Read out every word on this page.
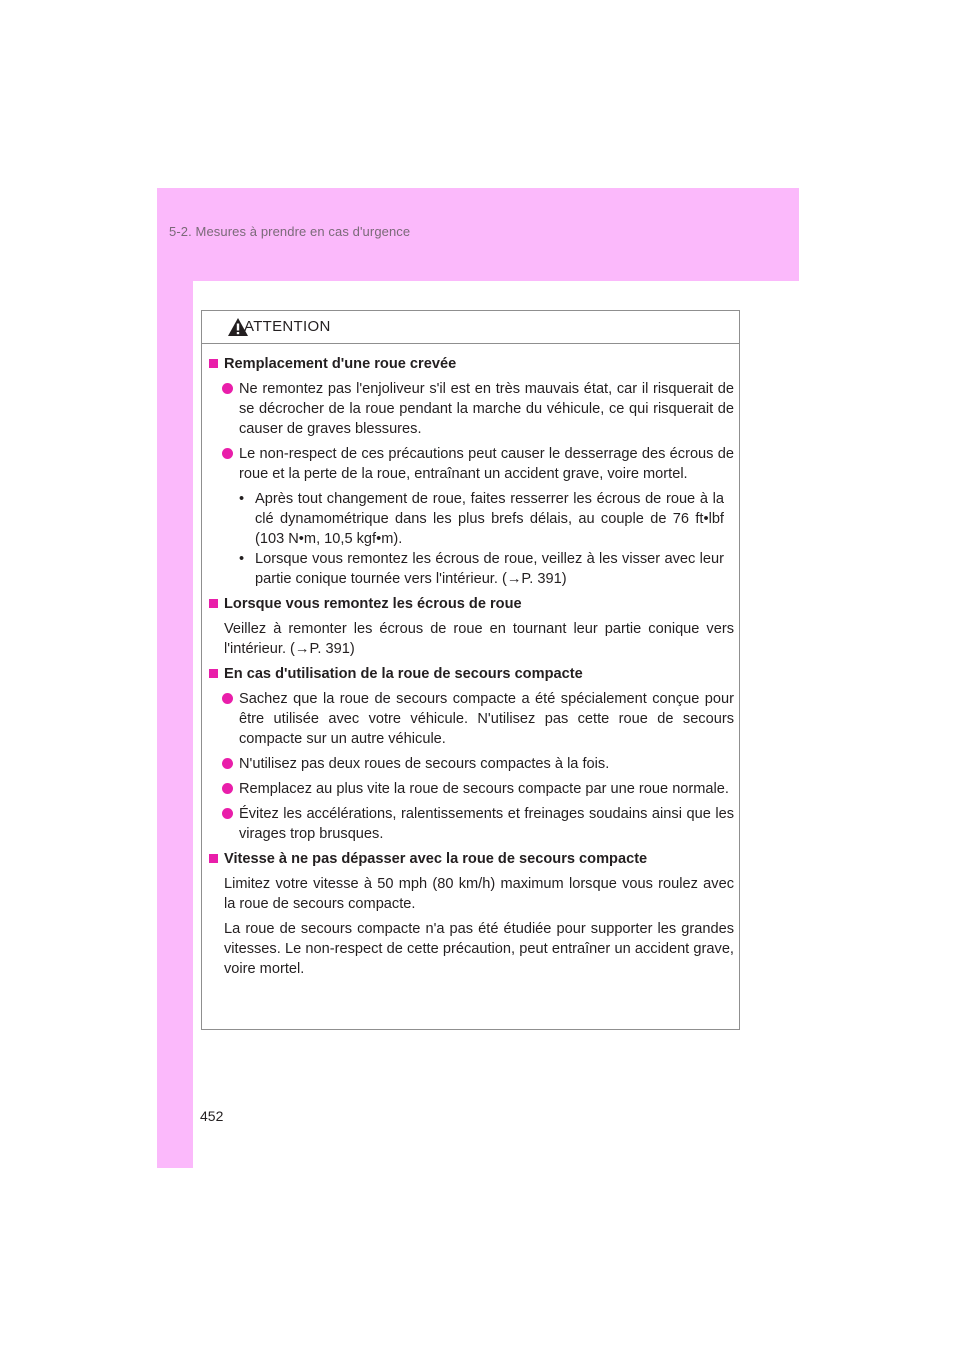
5-2. Mesures à prendre en cas d'urgence
ATTENTION
Remplacement d'une roue crevée
Ne remontez pas l'enjoliveur s'il est en très mauvais état, car il risquerait de se décrocher de la roue pendant la marche du véhicule, ce qui risquerait de causer de graves blessures.
Le non-respect de ces précautions peut causer le desserrage des écrous de roue et la perte de la roue, entraînant un accident grave, voire mortel.
• Après tout changement de roue, faites resserrer les écrous de roue à la clé dynamométrique dans les plus brefs délais, au couple de 76 ft•lbf (103 N•m, 10,5 kgf•m).
• Lorsque vous remontez les écrous de roue, veillez à les visser avec leur partie conique tournée vers l'intérieur. (→P. 391)
Lorsque vous remontez les écrous de roue
Veillez à remonter les écrous de roue en tournant leur partie conique vers l'intérieur. (→P. 391)
En cas d'utilisation de la roue de secours compacte
Sachez que la roue de secours compacte a été spécialement conçue pour être utilisée avec votre véhicule. N'utilisez pas cette roue de secours compacte sur un autre véhicule.
N'utilisez pas deux roues de secours compactes à la fois.
Remplacez au plus vite la roue de secours compacte par une roue normale.
Évitez les accélérations, ralentissements et freinages soudains ainsi que les virages trop brusques.
Vitesse à ne pas dépasser avec la roue de secours compacte
Limitez votre vitesse à 50 mph (80 km/h) maximum lorsque vous roulez avec la roue de secours compacte.
La roue de secours compacte n'a pas été étudiée pour supporter les grandes vitesses. Le non-respect de cette précaution, peut entraîner un accident grave, voire mortel.
452
